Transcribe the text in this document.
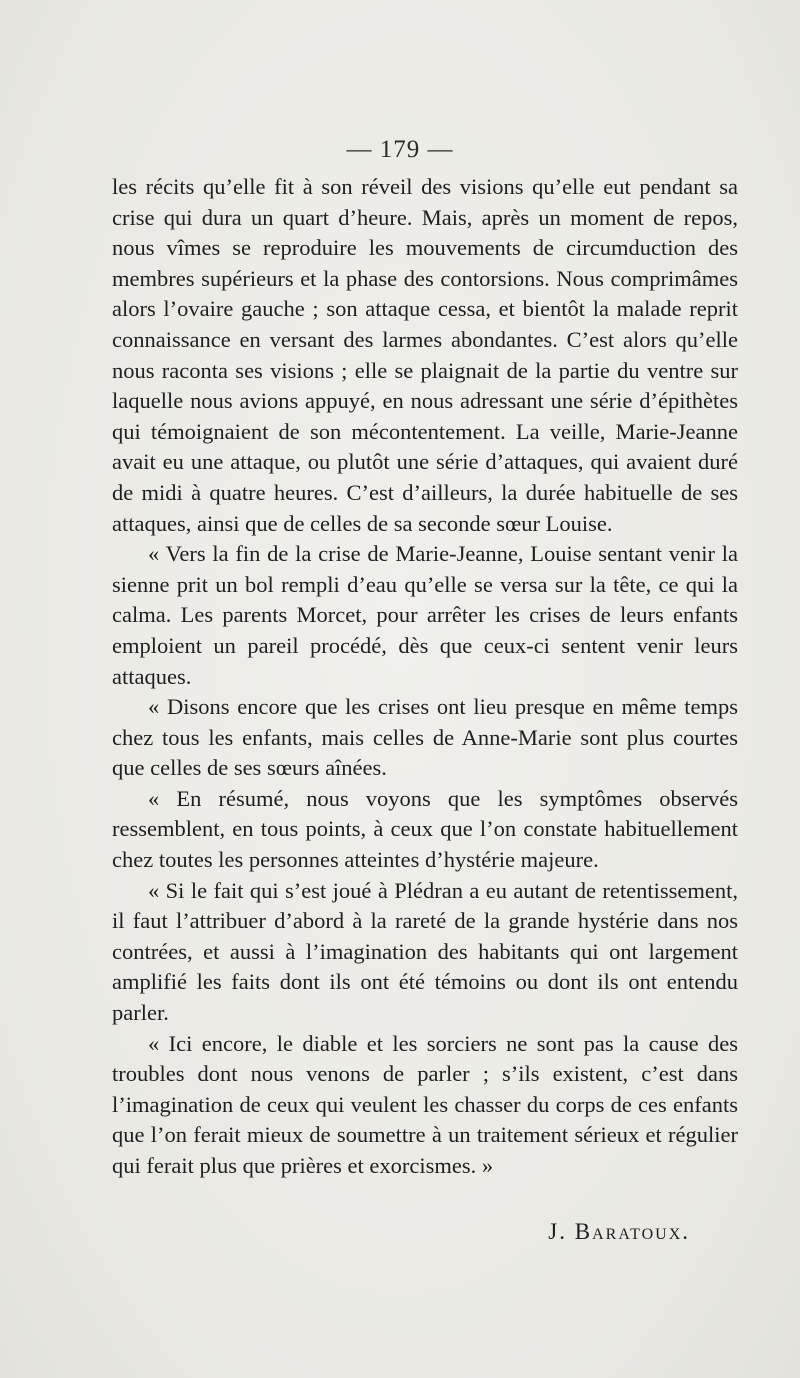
— 179 —

les récits qu’elle fit à son réveil des visions qu’elle eut pendant sa crise qui dura un quart d’heure. Mais, après un moment de repos, nous vîmes se reproduire les mouvements de circumduction des membres supérieurs et la phase des contorsions. Nous comprimâmes alors l’ovaire gauche ; son attaque cessa, et bientôt la malade reprit connaissance en versant des larmes abondantes. C’est alors qu’elle nous raconta ses visions ; elle se plaignait de la partie du ventre sur laquelle nous avions appuyé, en nous adressant une série d’épithètes qui témoignaient de son mécontentement. La veille, Marie-Jeanne avait eu une attaque, ou plutôt une série d’attaques, qui avaient duré de midi à quatre heures. C’est d’ailleurs, la durée habituelle de ses attaques, ainsi que de celles de sa seconde sœur Louise.

« Vers la fin de la crise de Marie-Jeanne, Louise sentant venir la sienne prit un bol rempli d’eau qu’elle se versa sur la tête, ce qui la calma. Les parents Morcet, pour arrêter les crises de leurs enfants emploient un pareil procédé, dès que ceux-ci sentent venir leurs attaques.

« Disons encore que les crises ont lieu presque en même temps chez tous les enfants, mais celles de Anne-Marie sont plus courtes que celles de ses sœurs aînées.

« En résumé, nous voyons que les symptômes observés ressemblent, en tous points, à ceux que l’on constate habituellement chez toutes les personnes atteintes d’hystérie majeure.

« Si le fait qui s’est joué à Plédran a eu autant de retentissement, il faut l’attribuer d’abord à la rareté de la grande hystérie dans nos contrées, et aussi à l’imagination des habitants qui ont largement amplifié les faits dont ils ont été témoins ou dont ils ont entendu parler.

« Ici encore, le diable et les sorciers ne sont pas la cause des troubles dont nous venons de parler ; s’ils existent, c’est dans l’imagination de ceux qui veulent les chasser du corps de ces enfants que l’on ferait mieux de soumettre à un traitement sérieux et régulier qui ferait plus que prières et exorcismes. »

J. Baratoux.
